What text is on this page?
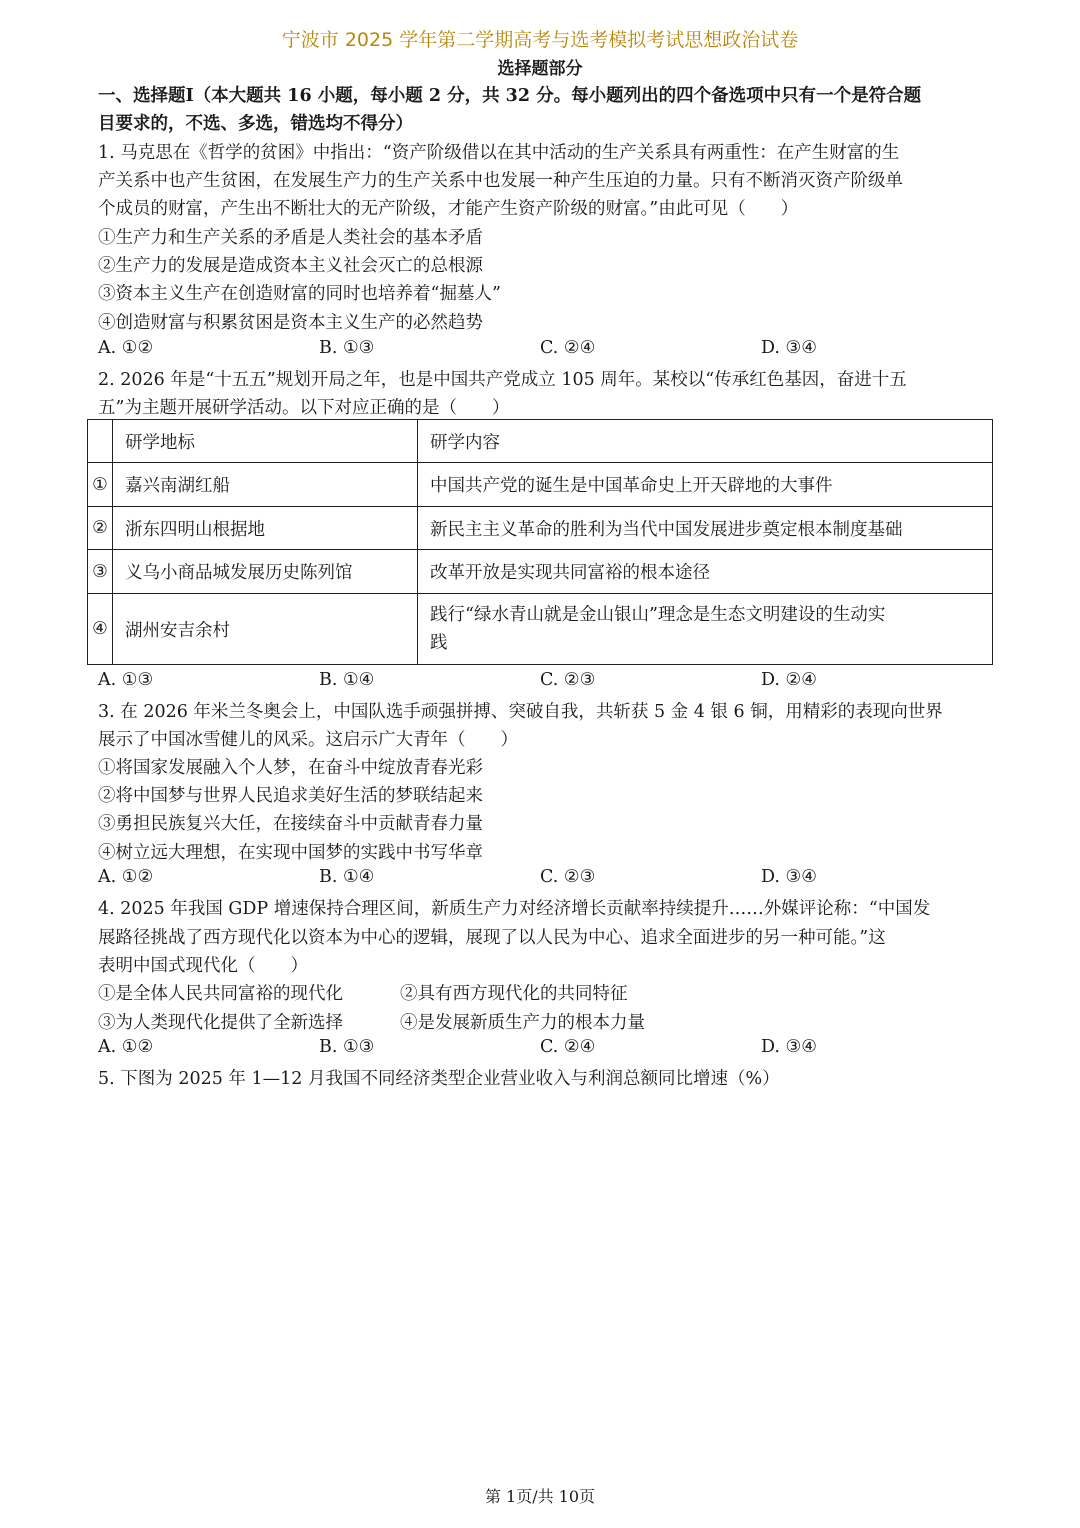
宁波市 2025 学年第二学期高考与选考模拟考试思想政治试卷
选择题部分
一、选择题Ⅰ（本大题共 16 小题，每小题 2 分，共 32 分。每小题列出的四个备选项中只有一个是符合题
目要求的，不选、多选，错选均不得分）
1. 马克思在《哲学的贫困》中指出：“资产阶级借以在其中活动的生产关系具有两重性：在产生财富的生
产关系中也产生贫困，在发展生产力的生产关系中也发展一种产生压迫的力量。只有不断消灭资产阶级单
个成员的财富，产生出不断壮大的无产阶级，才能产生资产阶级的财富。”由此可见（　　）
①生产力和生产关系的矛盾是人类社会的基本矛盾
②生产力的发展是造成资本主义社会灭亡的总根源
③资本主义生产在创造财富的同时也培养着“掘墓人”
④创造财富与积累贫困是资本主义生产的必然趋势
A. ①②	B. ①③	C. ②④	D. ③④
2. 2026 年是“十五五”规划开局之年，也是中国共产党成立 105 周年。某校以“传承红色基因，奋进十五
五”为主题开展研学活动。以下对应正确的是（　　）
	研学地标	研学内容
①	嘉兴南湖红船	中国共产党的诞生是中国革命史上开天辟地的大事件
②	浙东四明山根据地	新民主主义革命的胜利为当代中国发展进步奠定根本制度基础
③	义乌小商品城发展历史陈列馆	改革开放是实现共同富裕的根本途径
④	湖州安吉余村	践行“绿水青山就是金山银山”理念是生态文明建设的生动实
践
A. ①③	B. ①④	C. ②③	D. ②④
3. 在 2026 年米兰冬奥会上，中国队选手顽强拼搏、突破自我，共斩获 5 金 4 银 6 铜，用精彩的表现向世界
展示了中国冰雪健儿的风采。这启示广大青年（　　）
①将国家发展融入个人梦，在奋斗中绽放青春光彩
②将中国梦与世界人民追求美好生活的梦联结起来
③勇担民族复兴大任，在接续奋斗中贡献青春力量
④树立远大理想，在实现中国梦的实践中书写华章
A. ①②	B. ①④	C. ②③	D. ③④
4. 2025 年我国 GDP 增速保持合理区间，新质生产力对经济增长贡献率持续提升……外媒评论称：“中国发
展路径挑战了西方现代化以资本为中心的逻辑，展现了以人民为中心、追求全面进步的另一种可能。”这
表明中国式现代化（　　）
①是全体人民共同富裕的现代化	②具有西方现代化的共同特征
③为人类现代化提供了全新选择	④是发展新质生产力的根本力量
A. ①②	B. ①③	C. ②④	D. ③④
5. 下图为 2025 年 1—12 月我国不同经济类型企业营业收入与利润总额同比增速（%）
第 1页/共 10页
